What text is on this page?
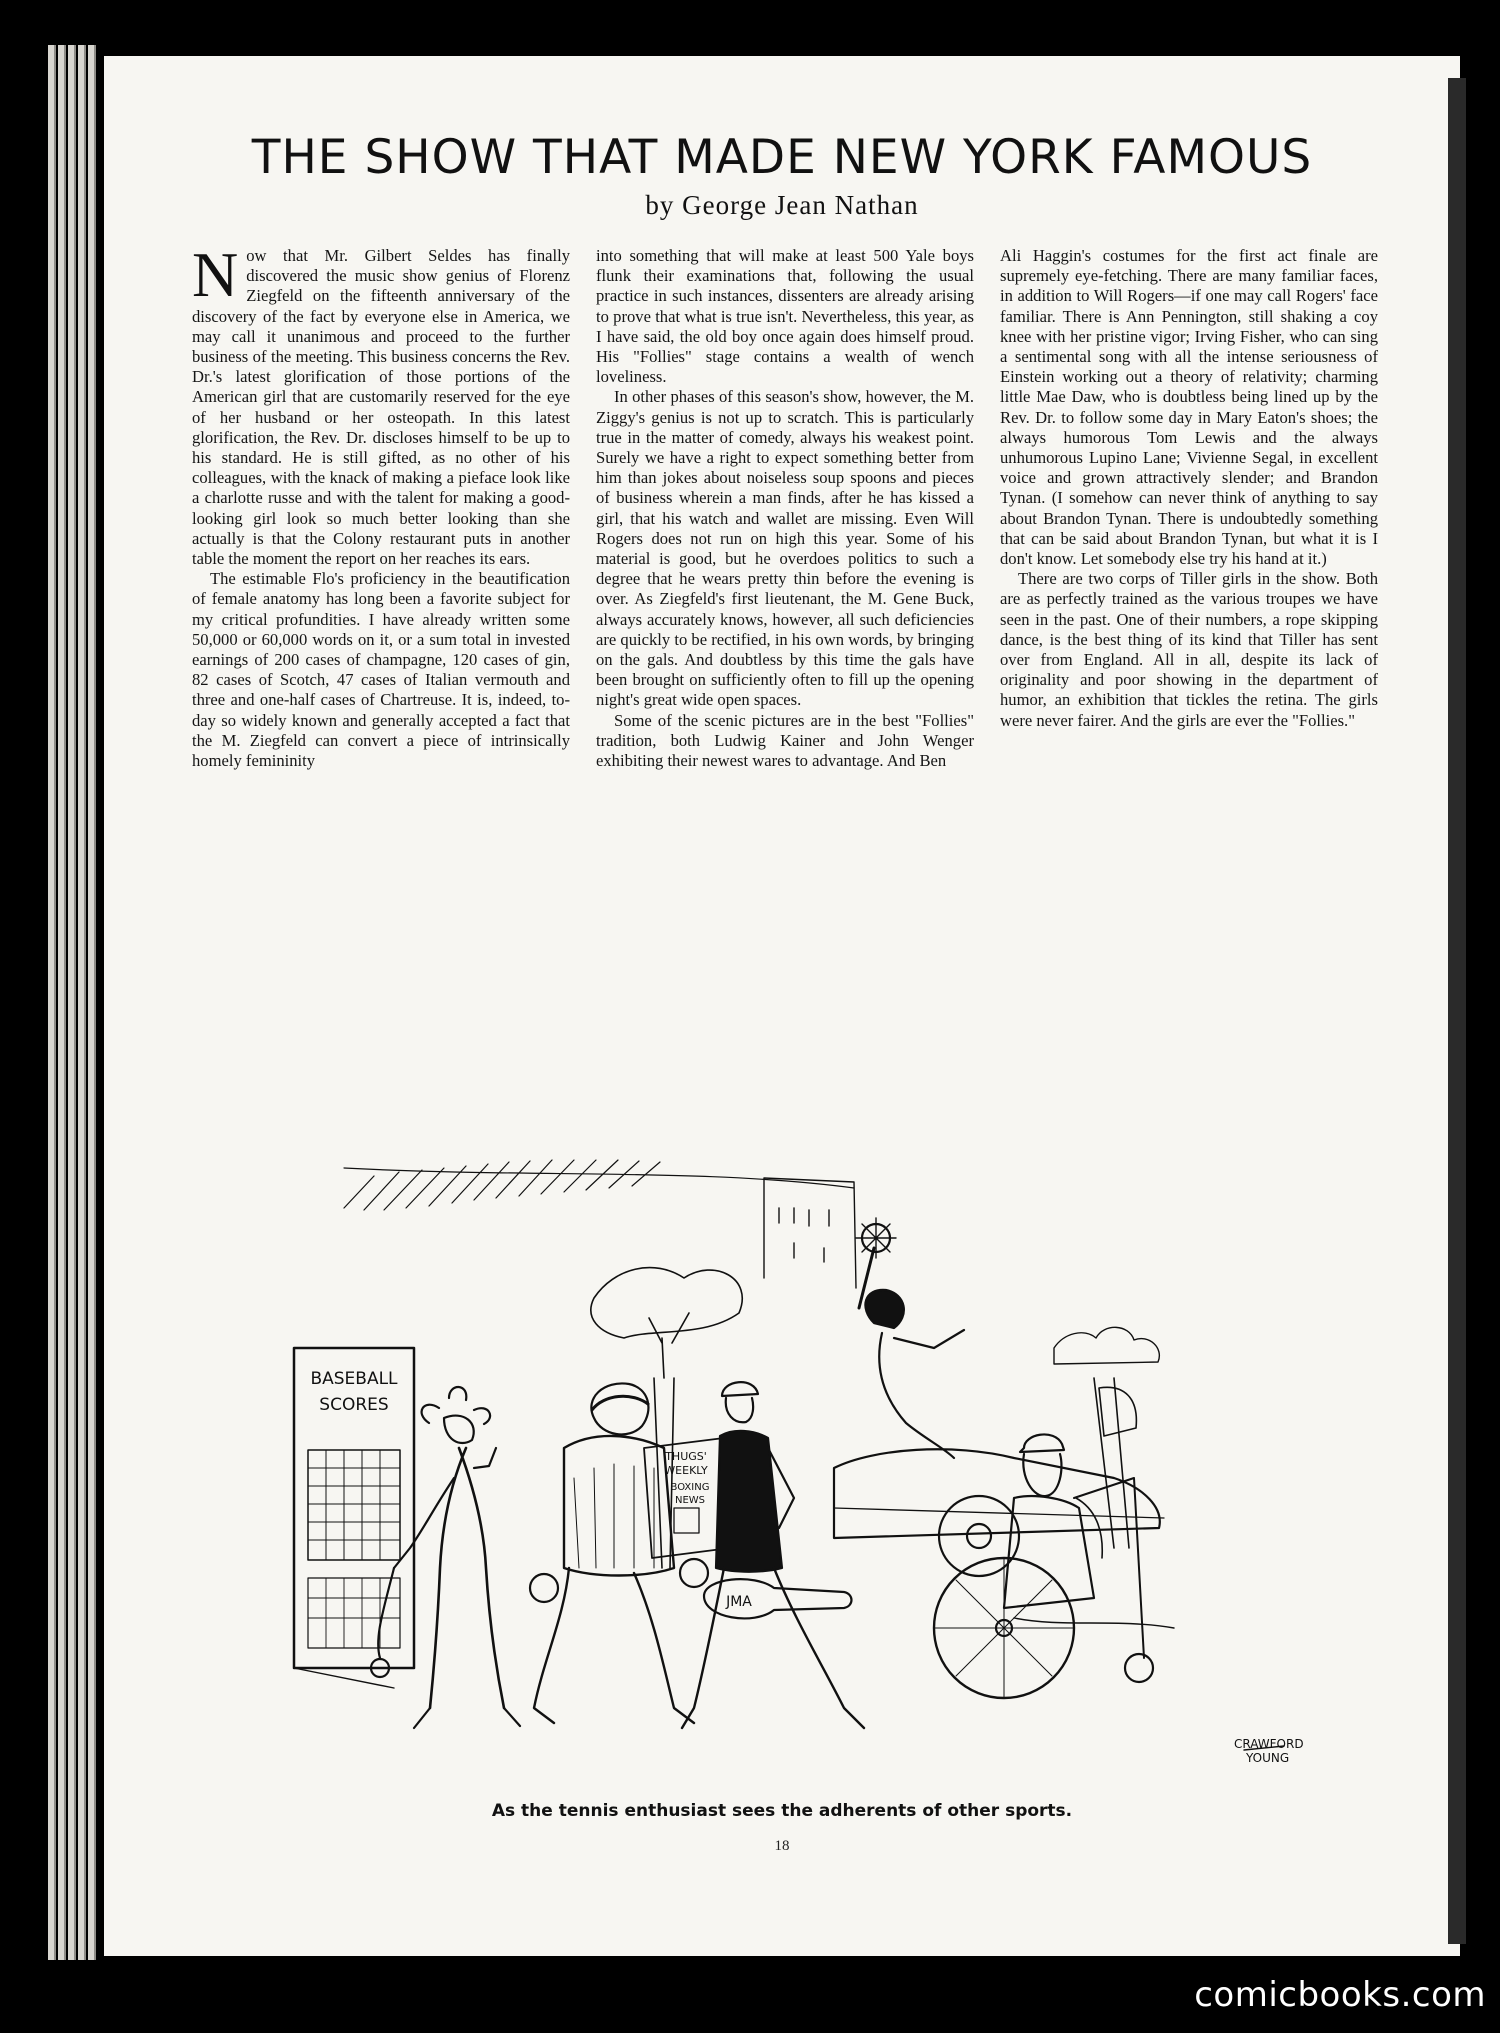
THE SHOW THAT MADE NEW YORK FAMOUS
by George Jean Nathan

Now that Mr. Gilbert Seldes has finally discovered the music show genius of Florenz Ziegfeld on the fifteenth anniversary of the discovery of the fact by everyone else in America, we may call it unanimous and proceed to the further business of the meeting. This business concerns the Rev. Dr.'s latest glorification of those portions of the American girl that are customarily reserved for the eye of her husband or her osteopath. In this latest glorification, the Rev. Dr. discloses himself to be up to his standard. He is still gifted, as no other of his colleagues, with the knack of making a pieface look like a charlotte russe and with the talent for making a good-looking girl look so much better looking than she actually is that the Colony restaurant puts in another table the moment the report on her reaches its ears.

The estimable Flo's proficiency in the beautification of female anatomy has long been a favorite subject for my critical profundities. I have already written some 50,000 or 60,000 words on it, or a sum total in invested earnings of 200 cases of champagne, 120 cases of gin, 82 cases of Scotch, 47 cases of Italian vermouth and three and one-half cases of Chartreuse. It is, indeed, to-day so widely known and generally accepted a fact that the M. Ziegfeld can convert a piece of intrinsically homely femininity

into something that will make at least 500 Yale boys flunk their examinations that, following the usual practice in such instances, dissenters are already arising to prove that what is true isn't. Nevertheless, this year, as I have said, the old boy once again does himself proud. His "Follies" stage contains a wealth of wench loveliness.

In other phases of this season's show, however, the M. Ziggy's genius is not up to scratch. This is particularly true in the matter of comedy, always his weakest point. Surely we have a right to expect something better from him than jokes about noiseless soup spoons and pieces of business wherein a man finds, after he has kissed a girl, that his watch and wallet are missing. Even Will Rogers does not run on high this year. Some of his material is good, but he overdoes politics to such a degree that he wears pretty thin before the evening is over. As Ziegfeld's first lieutenant, the M. Gene Buck, always accurately knows, however, all such deficiencies are quickly to be rectified, in his own words, by bringing on the gals. And doubtless by this time the gals have been brought on sufficiently often to fill up the opening night's great wide open spaces.

Some of the scenic pictures are in the best "Follies" tradition, both Ludwig Kainer and John Wenger exhibiting their newest wares to advantage. And Ben

Ali Haggin's costumes for the first act finale are supremely eye-fetching. There are many familiar faces, in addition to Will Rogers—if one may call Rogers' face familiar. There is Ann Pennington, still shaking a coy knee with her pristine vigor; Irving Fisher, who can sing a sentimental song with all the intense seriousness of Einstein working out a theory of relativity; charming little Mae Daw, who is doubtless being lined up by the Rev. Dr. to follow some day in Mary Eaton's shoes; the always humorous Tom Lewis and the always unhumorous Lupino Lane; Vivienne Segal, in excellent voice and grown attractively slender; and Brandon Tynan. (I somehow can never think of anything to say about Brandon Tynan. There is undoubtedly something that can be said about Brandon Tynan, but what it is I don't know. Let somebody else try his hand at it.)

There are two corps of Tiller girls in the show. Both are as perfectly trained as the various troupes we have seen in the past. One of their numbers, a rope skipping dance, is the best thing of its kind that Tiller has sent over from England. All in all, despite its lack of originality and poor showing in the department of humor, an exhibition that tickles the retina. The girls were never fairer. And the girls are ever the "Follies."

BASEBALL
SCORES
THUGS'
WEEKLY
BOXING
NEWS
JMA
CRAWFORD
YOUNG
As the tennis enthusiast sees the adherents of other sports.
18
comicbooks.com
